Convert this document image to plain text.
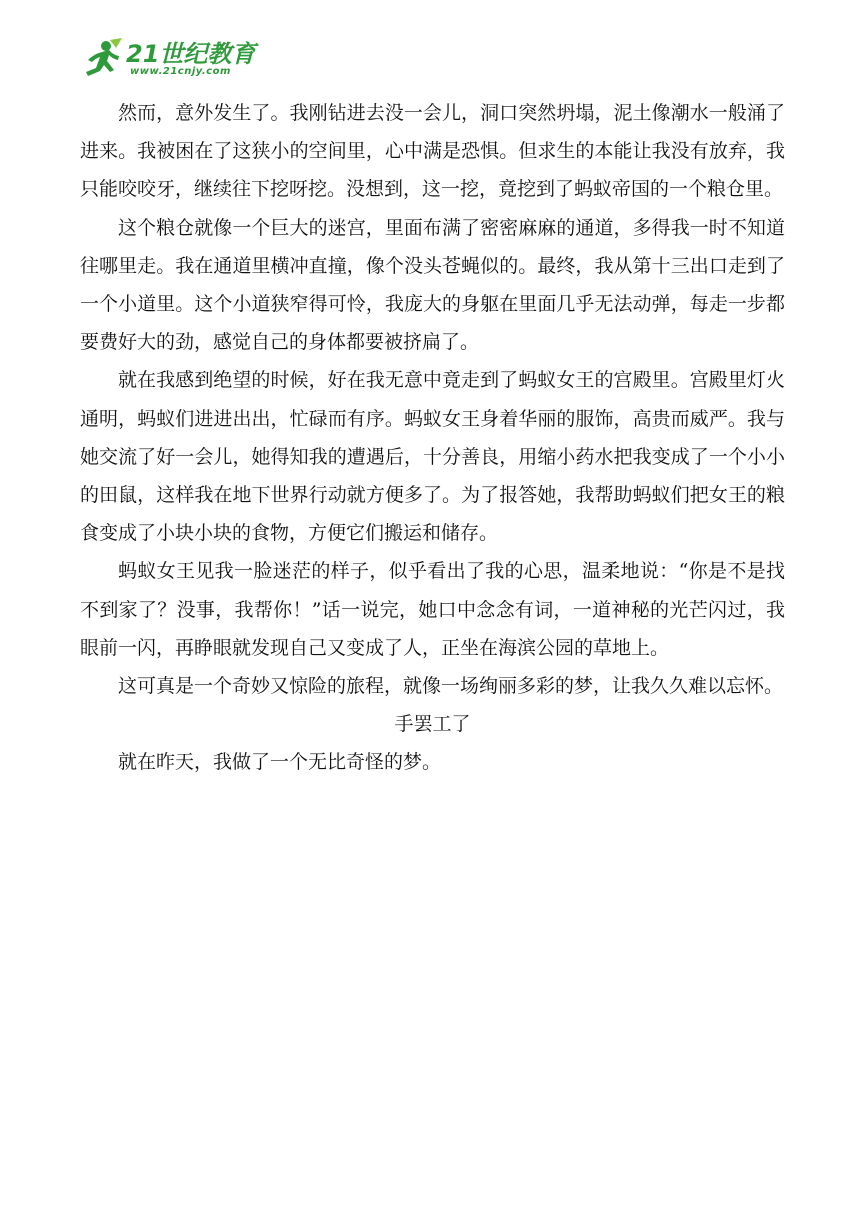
21世纪教育
www.21cnjy.com

然而，意外发生了。我刚钻进去没一会儿，洞口突然坍塌，泥土像潮水一般涌了进来。我被困在了这狭小的空间里，心中满是恐惧。但求生的本能让我没有放弃，我只能咬咬牙，继续往下挖呀挖。没想到，这一挖，竟挖到了蚂蚁帝国的一个粮仓里。

这个粮仓就像一个巨大的迷宫，里面布满了密密麻麻的通道，多得我一时不知道往哪里走。我在通道里横冲直撞，像个没头苍蝇似的。最终，我从第十三出口走到了一个小道里。这个小道狭窄得可怜，我庞大的身躯在里面几乎无法动弹，每走一步都要费好大的劲，感觉自己的身体都要被挤扁了。

就在我感到绝望的时候，好在我无意中竟走到了蚂蚁女王的宫殿里。宫殿里灯火通明，蚂蚁们进进出出，忙碌而有序。蚂蚁女王身着华丽的服饰，高贵而威严。我与她交流了好一会儿，她得知我的遭遇后，十分善良，用缩小药水把我变成了一个小小的田鼠，这样我在地下世界行动就方便多了。为了报答她，我帮助蚂蚁们把女王的粮食变成了小块小块的食物，方便它们搬运和储存。

蚂蚁女王见我一脸迷茫的样子，似乎看出了我的心思，温柔地说：“你是不是找不到家了？没事，我帮你！”话一说完，她口中念念有词，一道神秘的光芒闪过，我眼前一闪，再睁眼就发现自己又变成了人，正坐在海滨公园的草地上。

这可真是一个奇妙又惊险的旅程，就像一场绚丽多彩的梦，让我久久难以忘怀。

手罢工了

就在昨天，我做了一个无比奇怪的梦。
